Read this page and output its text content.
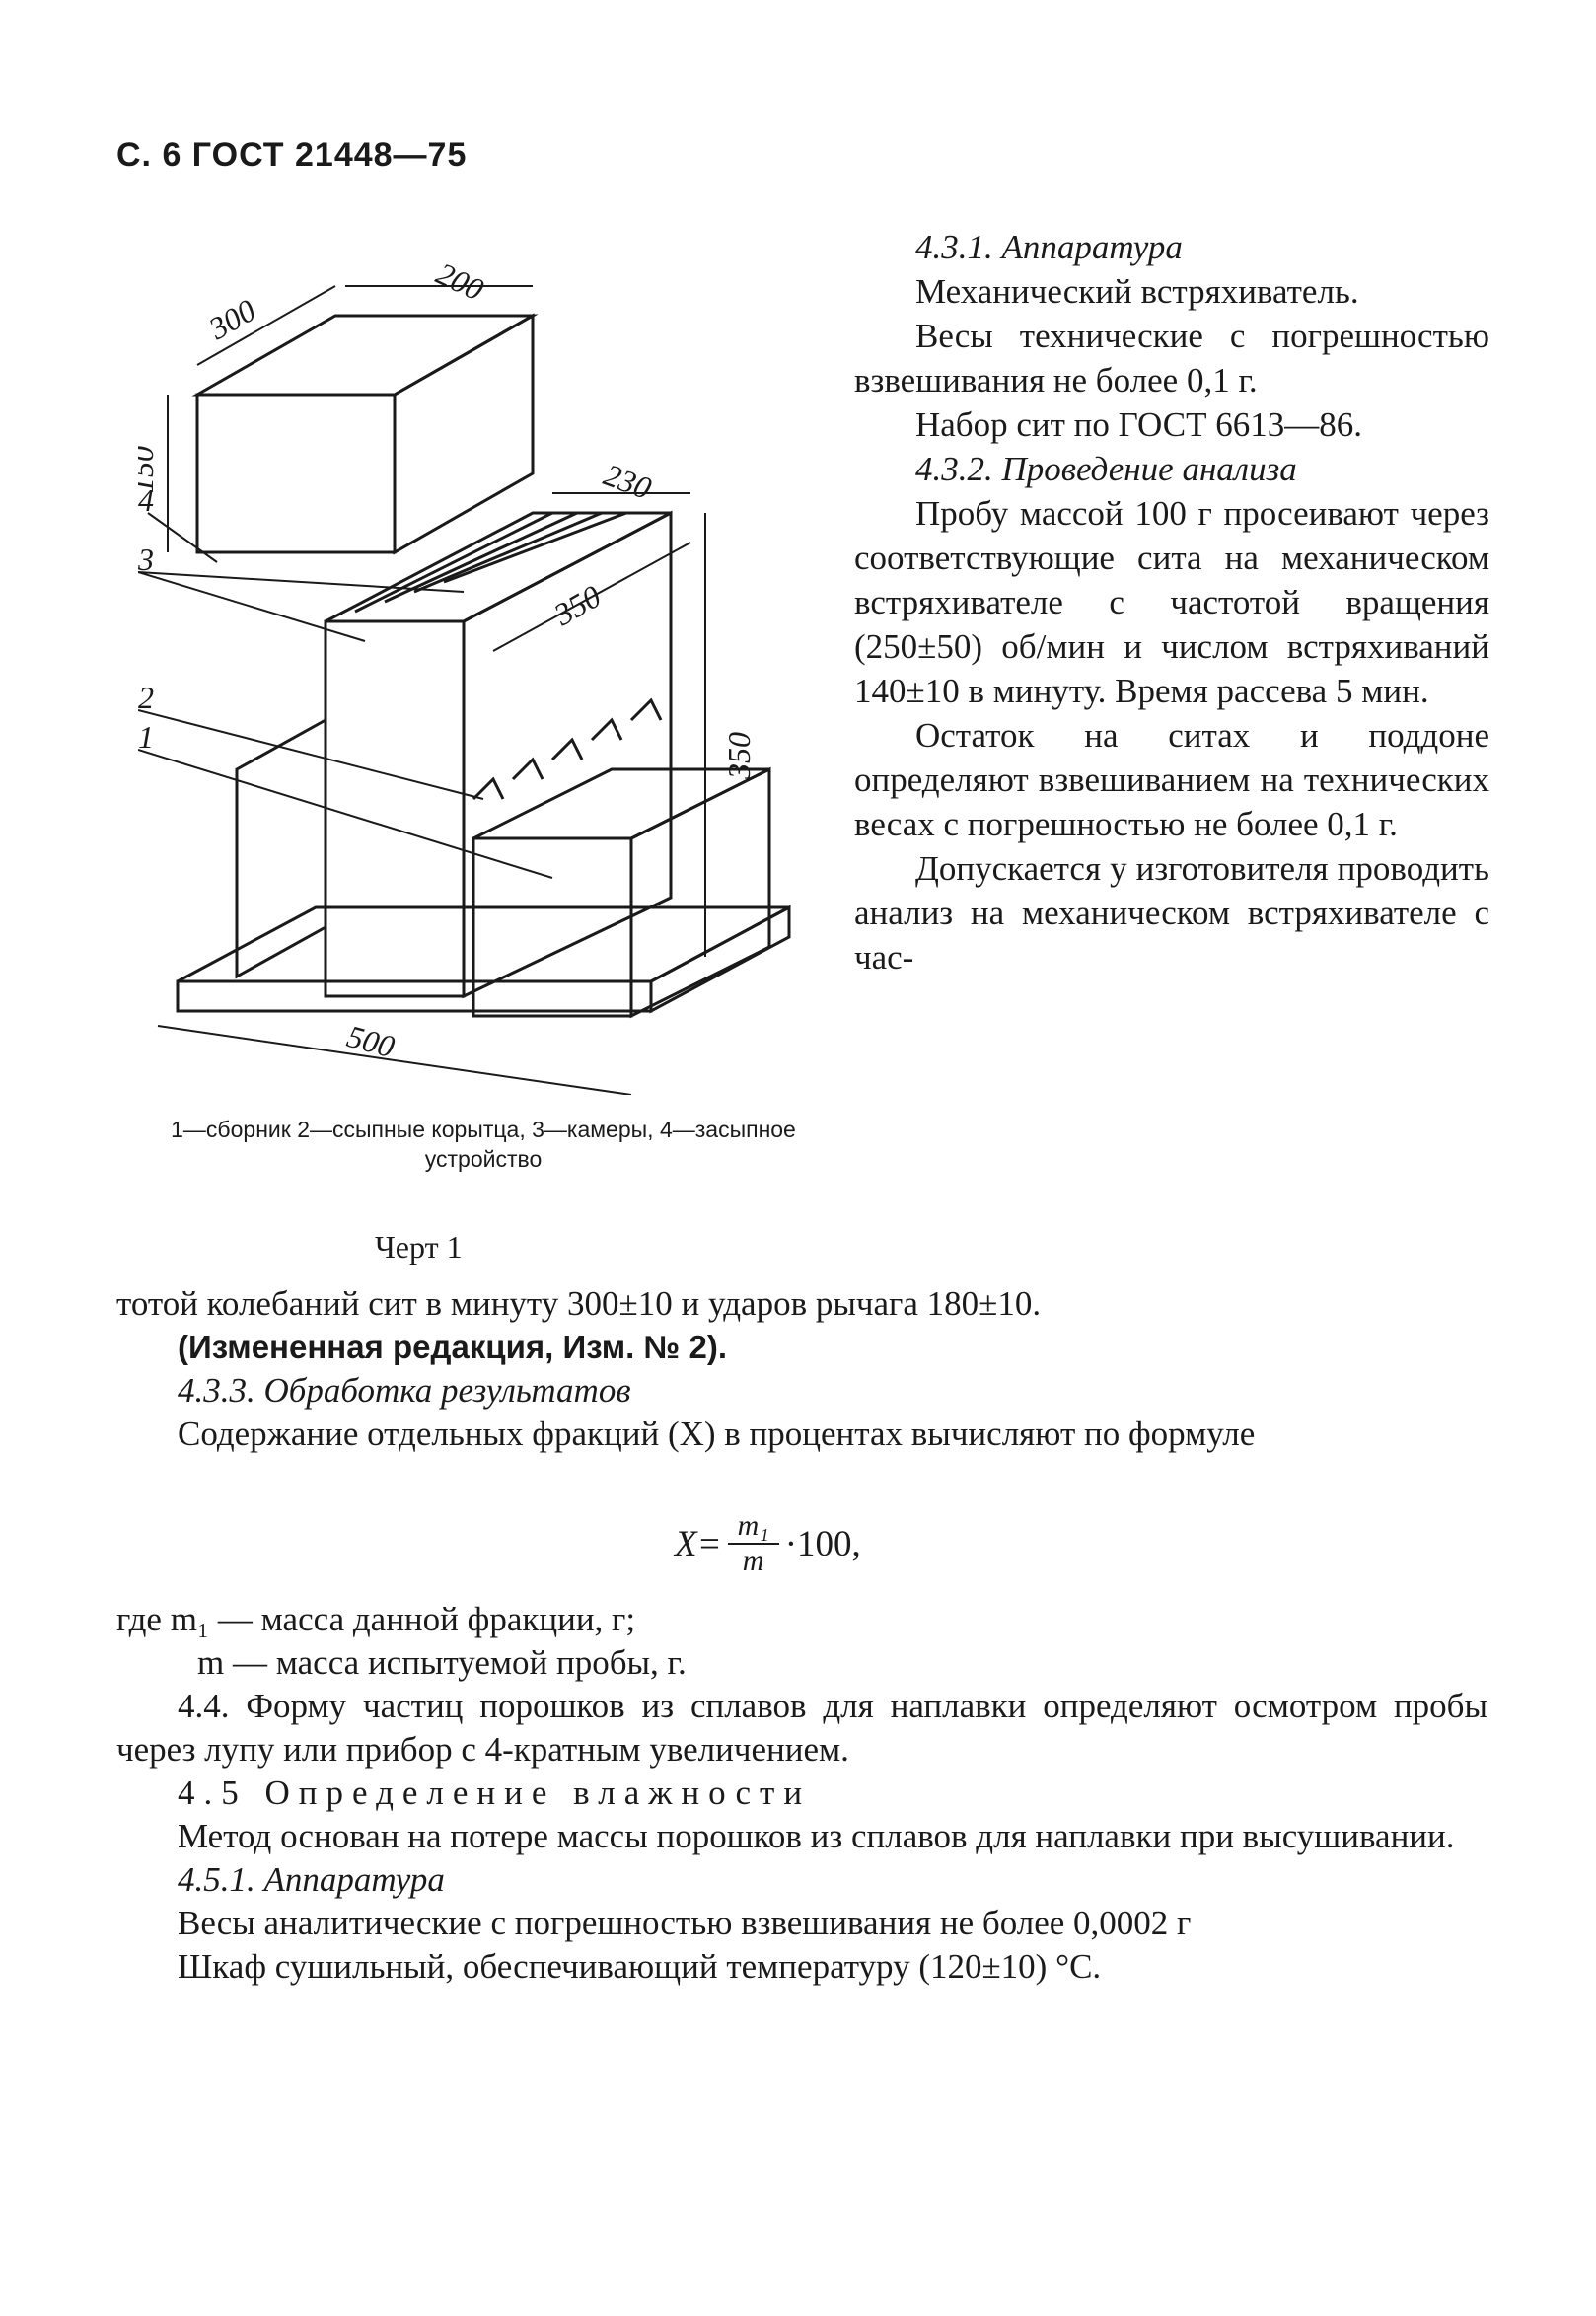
С. 6 ГОСТ 21448—75
300
200
150	230
350
350
500
4
3
2
1
1—сборник 2—ссыпные корытца, 3—камеры, 4—засыпное устройство
Черт 1

4.3.1. Аппаратура

Механический встряхиватель.

Весы технические с погрешностью взвешивания не более 0,1 г.

Набор сит по ГОСТ 6613—86.

4.3.2. Проведение анализа

Пробу массой 100 г просеивают через соответствующие сита на механическом встряхивателе с частотой вращения (250±50) об/мин и числом встряхиваний 140±10 в минуту. Время рассева 5 мин.

Остаток на ситах и поддоне определяют взвешиванием на технических весах с погрешностью не более 0,1 г.

Допускается у изготовителя проводить анализ на механическом встряхивателе с час-

тотой колебаний сит в минуту 300±10 и ударов рычага 180±10.

(Измененная редакция, Изм. № 2).

4.3.3. Обработка результатов

Содержание отдельных фракций (X) в процентах вычисляют по формуле

$X= \frac{\text{m₁}}{m} \cdot 100$,

где m₁ — масса данной фракции, г;

m — масса испытуемой пробы, г.

4.4. Форму частиц порошков из сплавов для наплавки определяют осмотром пробы через лупу или прибор с 4-кратным увеличением.

4.5 Определение влажности

Метод основан на потере массы порошков из сплавов для наплавки при высушивании.

4.5.1. Аппаратура

Весы аналитические с погрешностью взвешивания не более 0,0002 г

Шкаф сушильный, обеспечивающий температуру (120±10) °С.
